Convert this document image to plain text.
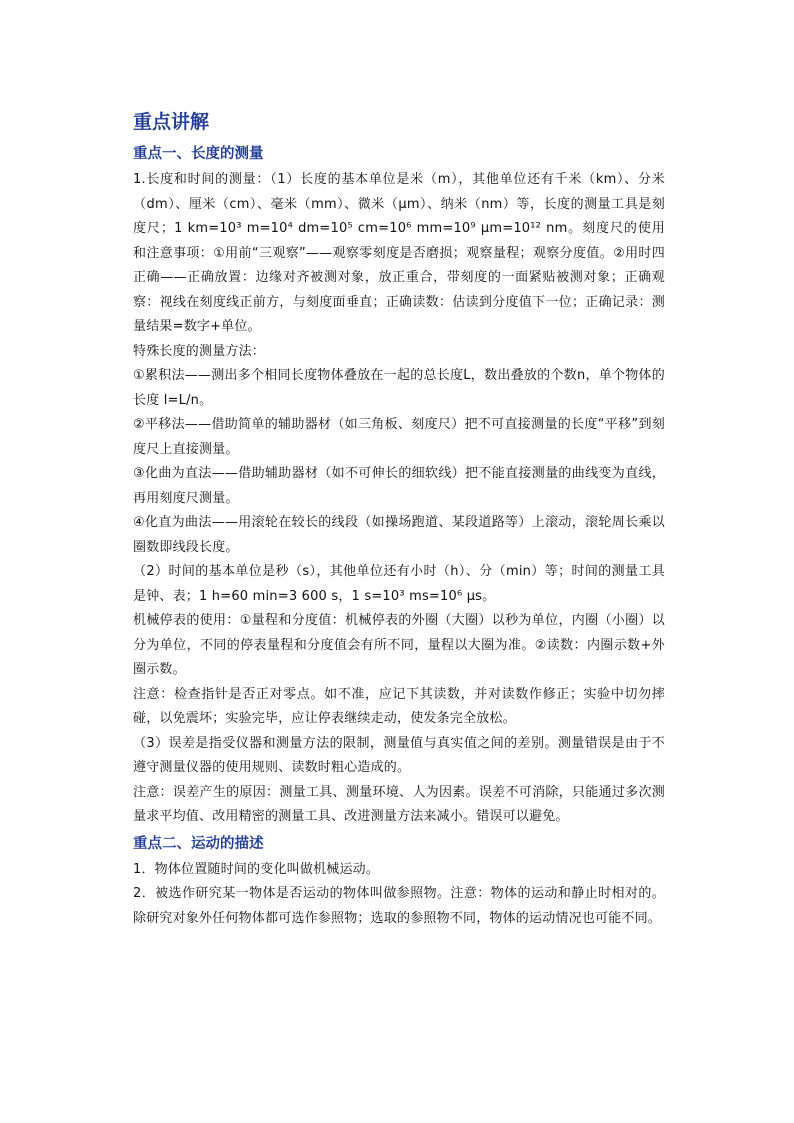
重点讲解
重点一、长度的测量

1.长度和时间的测量：（1）长度的基本单位是米（m），其他单位还有千米（km）、分米（dm）、厘米（cm）、毫米（mm）、微米（μm）、纳米（nm）等，长度的测量工具是刻度尺；1 km=10³ m=10⁴ dm=10⁵ cm=10⁶ mm=10⁹ μm=10¹² nm。刻度尺的使用和注意事项：①用前“三观察”——观察零刻度是否磨损；观察量程；观察分度值。②用时四正确——正确放置：边缘对齐被测对象，放正重合，带刻度的一面紧贴被测对象；正确观察：视线在刻度线正前方，与刻度面垂直；正确读数：估读到分度值下一位；正确记录：测量结果=数字+单位。

特殊长度的测量方法：

①累积法——测出多个相同长度物体叠放在一起的总长度L，数出叠放的个数n，单个物体的长度 l=L/n。

②平移法——借助简单的辅助器材（如三角板、刻度尺）把不可直接测量的长度“平移”到刻度尺上直接测量。

③化曲为直法——借助辅助器材（如不可伸长的细软线）把不能直接测量的曲线变为直线，再用刻度尺测量。

④化直为曲法——用滚轮在较长的线段（如操场跑道、某段道路等）上滚动，滚轮周长乘以圈数即线段长度。

（2）时间的基本单位是秒（s），其他单位还有小时（h）、分（min）等；时间的测量工具是钟、表；1 h=60 min=3 600 s，1 s=10³ ms=10⁶ μs。

机械停表的使用：①量程和分度值：机械停表的外圈（大圈）以秒为单位，内圈（小圈）以分为单位，不同的停表量程和分度值会有所不同，量程以大圈为准。②读数：内圈示数+外圈示数。

注意：检查指针是否正对零点。如不准，应记下其读数，并对读数作修正；实验中切勿摔碰，以免震坏；实验完毕，应让停表继续走动，使发条完全放松。

（3）误差是指受仪器和测量方法的限制，测量值与真实值之间的差别。测量错误是由于不遵守测量仪器的使用规则、读数时粗心造成的。

注意：误差产生的原因：测量工具、测量环境、人为因素。误差不可消除，只能通过多次测量求平均值、改用精密的测量工具、改进测量方法来减小。错误可以避免。

重点二、运动的描述

1．物体位置随时间的变化叫做机械运动。

2．被选作研究某一物体是否运动的物体叫做参照物。注意：物体的运动和静止时相对的。除研究对象外任何物体都可选作参照物；选取的参照物不同，物体的运动情况也可能不同。
